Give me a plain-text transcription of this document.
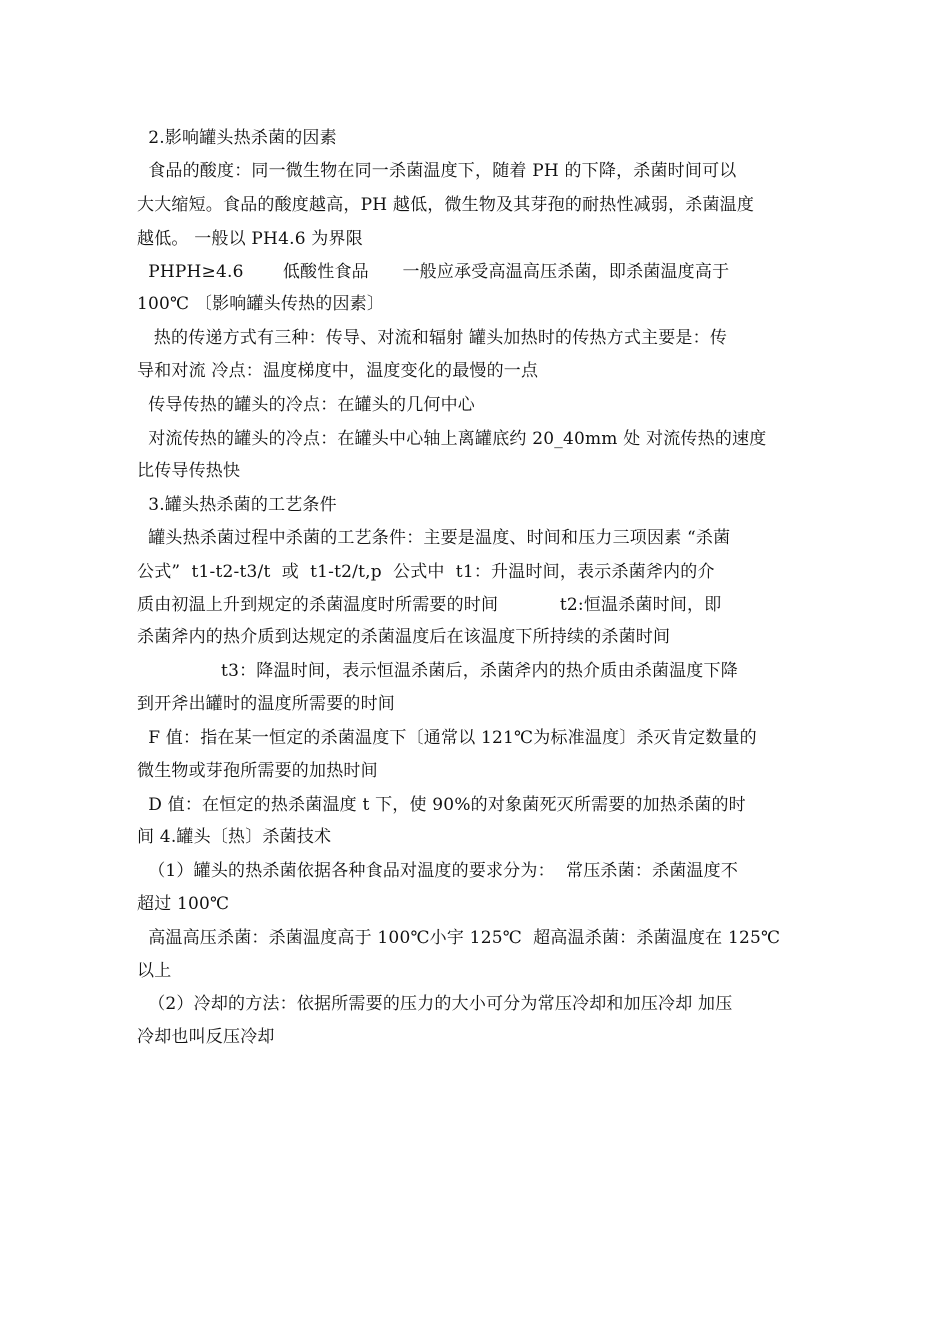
2.影响罐头热杀菌的因素
食品的酸度：同一微生物在同一杀菌温度下，随着 PH 的下降，杀菌时间可以
大大缩短。食品的酸度越高，PH 越低，微生物及其芽孢的耐热性减弱，杀菌温度
越低。 一般以 PH4.6 为界限
PHPH≥4.6       低酸性食品      一般应承受高温高压杀菌，即杀菌温度高于
100℃ 〔影响罐头传热的因素〕
热的传递方式有三种：传导、对流和辐射 罐头加热时的传热方式主要是：传
导和对流 冷点：温度梯度中，温度变化的最慢的一点
传导传热的罐头的冷点：在罐头的几何中心
对流传热的罐头的冷点：在罐头中心轴上离罐底约 20_40mm 处 对流传热的速度
比传导传热快
3.罐头热杀菌的工艺条件
罐头热杀菌过程中杀菌的工艺条件：主要是温度、时间和压力三项因素 “杀菌
公式”  t1-t2-t3/t  或  t1-t2/t,p  公式中  t1：升温时间，表示杀菌斧内的介
质由初温上升到规定的杀菌温度时所需要的时间           t2:恒温杀菌时间，即
杀菌斧内的热介质到达规定的杀菌温度后在该温度下所持续的杀菌时间
t3：降温时间，表示恒温杀菌后，杀菌斧内的热介质由杀菌温度下降
到开斧出罐时的温度所需要的时间
F 值：指在某一恒定的杀菌温度下〔通常以 121℃为标准温度〕杀灭肯定数量的
微生物或芽孢所需要的加热时间
D 值：在恒定的热杀菌温度 t 下，使 90%的对象菌死灭所需要的加热杀菌的时
间 4.罐头〔热〕杀菌技术
（1）罐头的热杀菌依据各种食品对温度的要求分为：  常压杀菌：杀菌温度不
超过 100℃
高温高压杀菌：杀菌温度高于 100℃小宇 125℃  超高温杀菌：杀菌温度在 125℃
以上
（2）冷却的方法：依据所需要的压力的大小可分为常压冷却和加压冷却 加压
冷却也叫反压冷却
